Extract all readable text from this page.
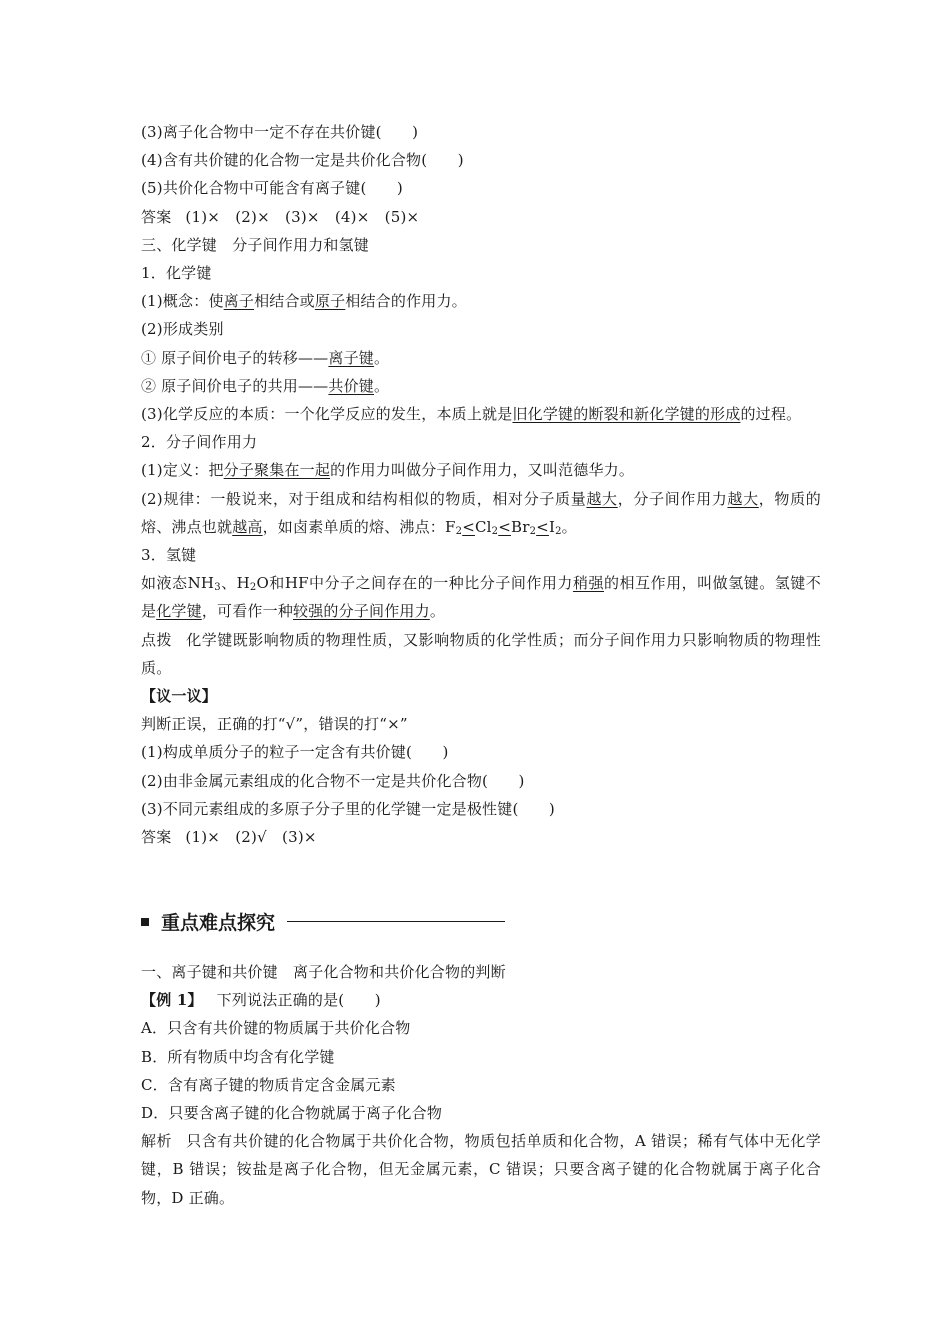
(3)离子化合物中一定不存在共价键(　　)
(4)含有共价键的化合物一定是共价化合物(　　)
(5)共价化合物中可能含有离子键(　　)
答案 (1)×　(2)×　(3)×　(4)×　(5)×
三、化学键　分子间作用力和氢键
1．化学键
(1)概念：使离子相结合或原子相结合的作用力。
(2)形成类别
① 原子间价电子的转移——离子键。
② 原子间价电子的共用——共价键。
(3)化学反应的本质：一个化学反应的发生，本质上就是旧化学键的断裂和新化学键的形成的过程。
2．分子间作用力
(1)定义：把分子聚集在一起的作用力叫做分子间作用力，又叫范德华力。
(2)规律：一般说来，对于组成和结构相似的物质，相对分子质量越大，分子间作用力越大，物质的熔、沸点也就越高，如卤素单质的熔、沸点：$F_2<Cl_2<Br_2<I_2$。
3．氢键
如液态$NH_3$、$H_2O$和HF中分子之间存在的一种比分子间作用力稍强的相互作用，叫做氢键。氢键不是化学键，可看作一种较强的分子间作用力。
点拨 化学键既影响物质的物理性质，又影响物质的化学性质；而分子间作用力只影响物质的物理性质。
【议一议】
判断正误，正确的打“√”，错误的打“×”
(1)构成单质分子的粒子一定含有共价键(　　)
(2)由非金属元素组成的化合物不一定是共价化合物(　　)
(3)不同元素组成的多原子分子里的化学键一定是极性键(　　)
答案 (1)×　(2)√　(3)×
重点难点探究
一、离子键和共价键　离子化合物和共价化合物的判断
【例 1】 下列说法正确的是(　　)
A．只含有共价键的物质属于共价化合物
B．所有物质中均含有化学键
C．含有离子键的物质肯定含金属元素
D．只要含离子键的化合物就属于离子化合物
解析 只含有共价键的化合物属于共价化合物，物质包括单质和化合物，A 错误；稀有气体中无化学键，B 错误；铵盐是离子化合物，但无金属元素，C 错误；只要含离子键的化合物就属于离子化合物，D 正确。
